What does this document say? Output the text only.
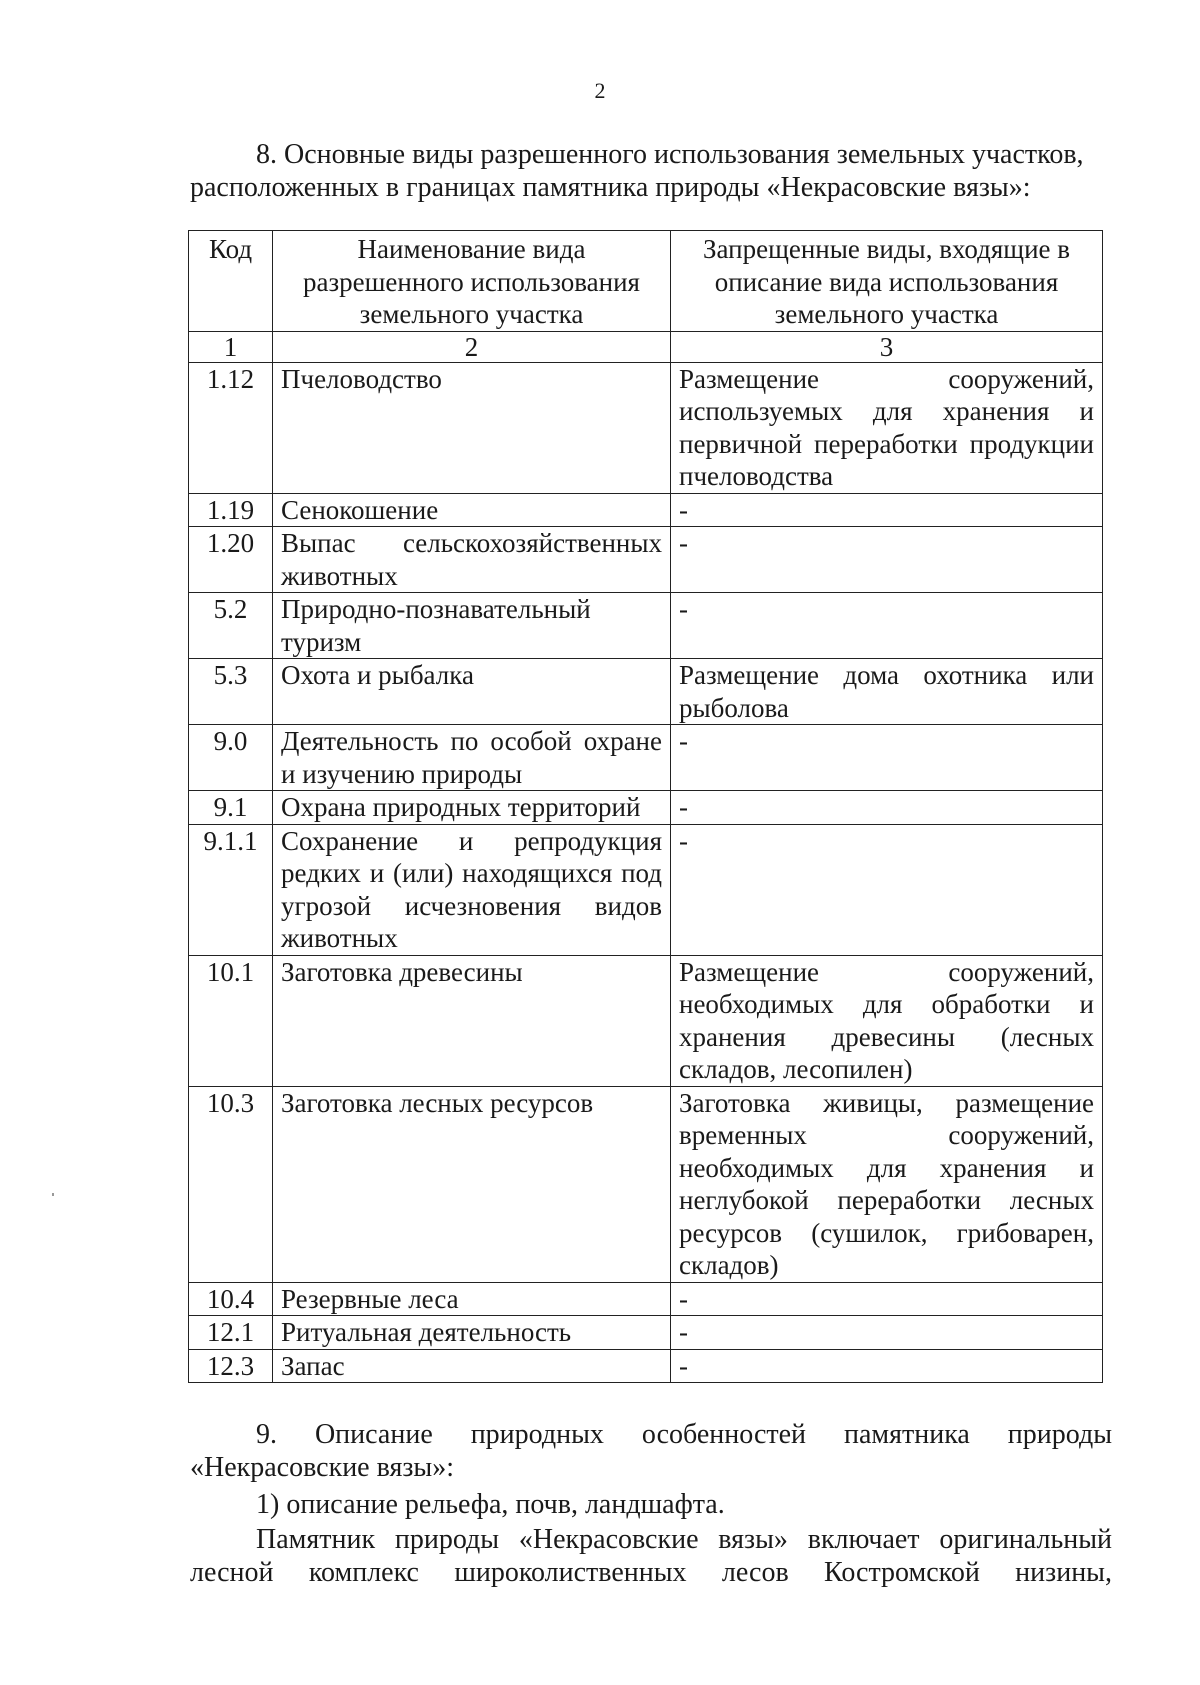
2
8. Основные виды разрешенного использования земельных участков,
расположенных в границах памятника природы «Некрасовские вязы»:
Код	Наименование вида разрешенного использования земельного участка	Запрещенные виды, входящие в описание вида использования земельного участка
1	2	3
1.12	Пчеловодство	Размещение сооружений, используемых для хранения и первичной переработки продукции пчеловодства
1.19	Сенокошение	-
1.20	Выпас сельскохозяйственных животных	-
5.2	Природно-познавательный туризм	-
5.3	Охота и рыбалка	Размещение дома охотника или рыболова
9.0	Деятельность по особой охране и изучению природы	-
9.1	Охрана природных территорий	-
9.1.1	Сохранение и репродукция редких и (или) находящихся под угрозой исчезновения видов животных	-
10.1	Заготовка древесины	Размещение сооружений, необходимых для обработки и хранения древесины (лесных складов, лесопилен)
10.3	Заготовка лесных ресурсов	Заготовка живицы, размещение временных сооружений, необходимых для хранения и неглубокой переработки лесных ресурсов (сушилок, грибоварен, складов)
10.4	Резервные леса	-
12.1	Ритуальная деятельность	-
12.3	Запас	-
9. Описание природных особенностей памятника природы
«Некрасовские вязы»:
1) описание рельефа, почв, ландшафта.
Памятник природы «Некрасовские вязы» включает оригинальный
лесной комплекс широколиственных лесов Костромской низины,
